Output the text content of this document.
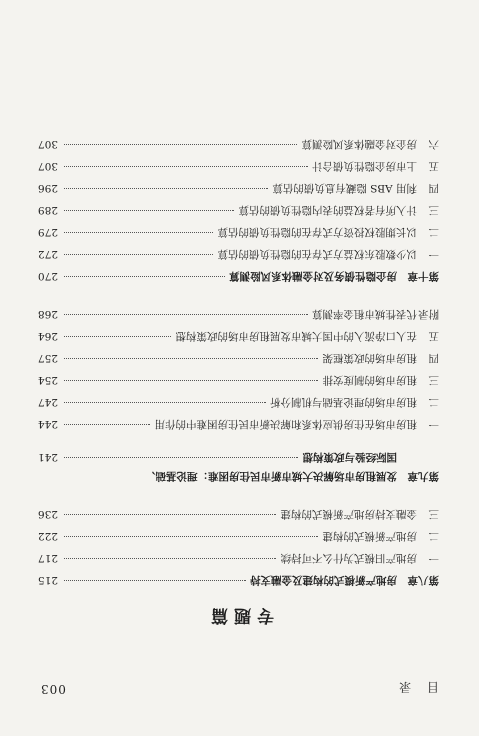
目 录
003
专题篇
第八章
房地产新模式的构建及金融支持
215
一
房地产旧模式为什么不可持续
217
二
房地产新模式的构建
222
三
金融支持房地产新模式的构建
236
第九章
发展租房市场解决大城市新市民住房困难：理论基础、
国际经验与政策构想
241
一
租房市场在住房供应体系和解决新市民住房困难中的作用
244
二
租房市场的理论基础与机制分析
247
三
租房市场的制度安排
254
四
租房市场的政策框架
257
五
在人口净流入的中国大城市发展租房市场的政策构想
264
附录
代表性城市租金率测算
268
第十章
房企隐性债务及对金融体系风险测算
270
一
以少数股东权益方式存在的隐性负债的估算
272
二
以长期股权投资方式存在的隐性负债的估算
279
三
计入所有者权益的表内隐性负债的估算
289
四
利用 ABS 隐藏有息负债的估算
296
五
上市房企隐性负债合计
307
六
房企对金融体系风险测算
307
